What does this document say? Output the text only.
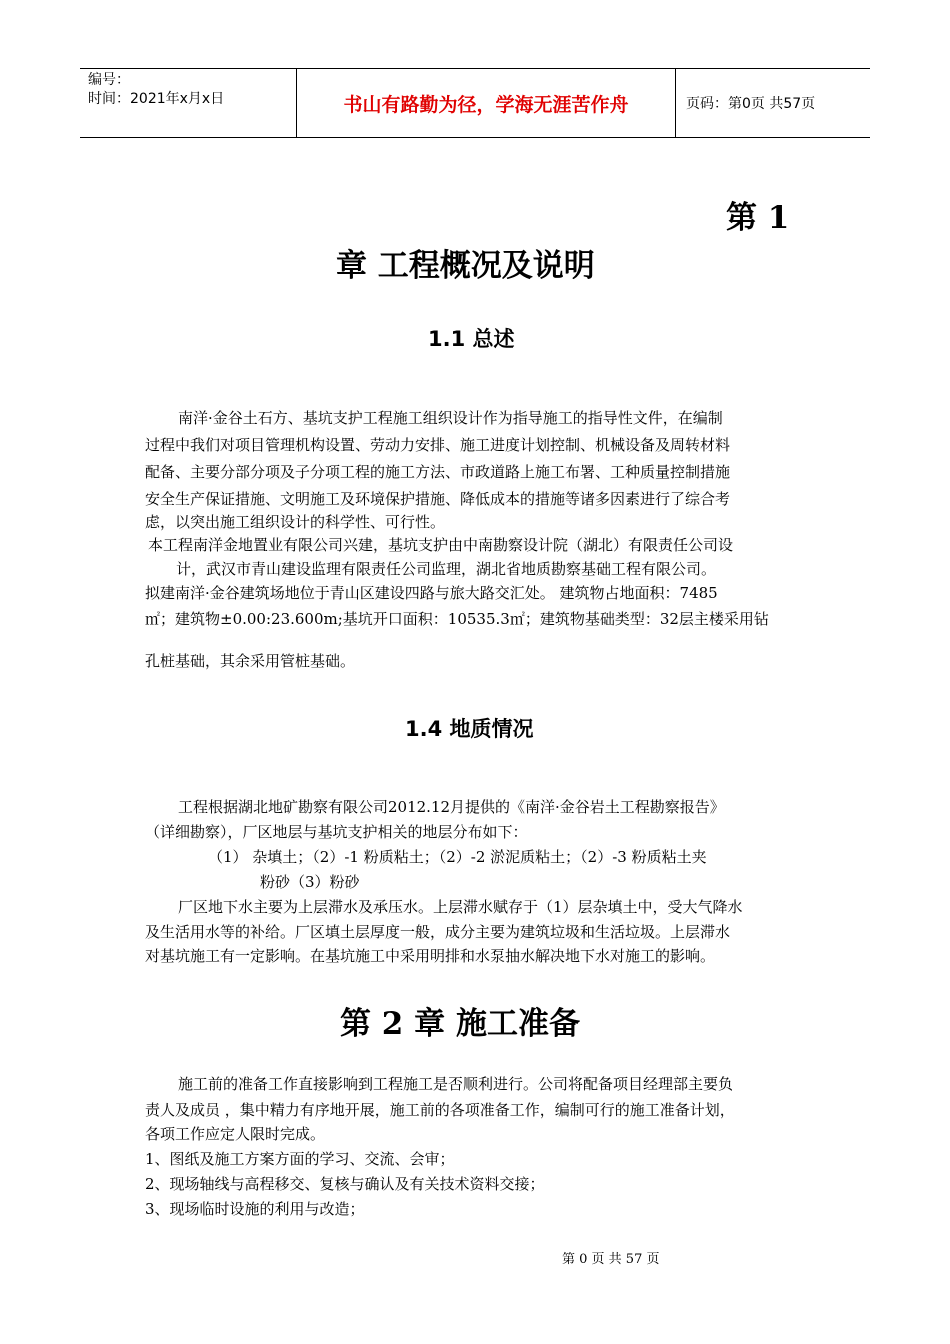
编号：
时间：2021年x月x日	书山有路勤为径，学海无涯苦作舟	页码：第0页 共57页
第 1
章 工程概况及说明
1.1 总述
南洋·金谷土石方、基坑支护工程施工组织设计作为指导施工的指导性文件，在编制
过程中我们对项目管理机构设置、劳动力安排、施工进度计划控制、机械设备及周转材料
配备、主要分部分项及子分项工程的施工方法、市政道路上施工布署、工种质量控制措施
安全生产保证措施、文明施工及环境保护措施、降低成本的措施等诸多因素进行了综合考
虑，以突出施工组织设计的科学性、可行性。
本工程南洋金地置业有限公司兴建，基坑支护由中南勘察设计院（湖北）有限责任公司设
计，武汉市青山建设监理有限责任公司监理，湖北省地质勘察基础工程有限公司。
拟建南洋·金谷建筑场地位于青山区建设四路与旅大路交汇处。 建筑物占地面积：7485
㎡；建筑物±0.00:23.600m;基坑开口面积：10535.3㎡；建筑物基础类型：32层主楼采用钻
孔桩基础，其余采用管桩基础。
1.4 地质情况
工程根据湖北地矿勘察有限公司2012.12月提供的《南洋·金谷岩土工程勘察报告》
（详细勘察），厂区地层与基坑支护相关的地层分布如下：
（1） 杂填土；（2）-1 粉质粘土；（2）-2 淤泥质粘土；（2）-3 粉质粘土夹
粉砂（3）粉砂
厂区地下水主要为上层滞水及承压水。上层滞水赋存于（1）层杂填土中，受大气降水
及生活用水等的补给。厂区填土层厚度一般，成分主要为建筑垃圾和生活垃圾。上层滞水
对基坑施工有一定影响。在基坑施工中采用明排和水泵抽水解决地下水对施工的影响。
第 2 章 施工准备
施工前的准备工作直接影响到工程施工是否顺利进行。公司将配备项目经理部主要负
责人及成员 ，集中精力有序地开展，施工前的各项准备工作，编制可行的施工准备计划，
各项工作应定人限时完成。
1、图纸及施工方案方面的学习、交流、会审；
2、现场轴线与高程移交、复核与确认及有关技术资料交接；
3、现场临时设施的利用与改造；
第 0 页 共 57 页
